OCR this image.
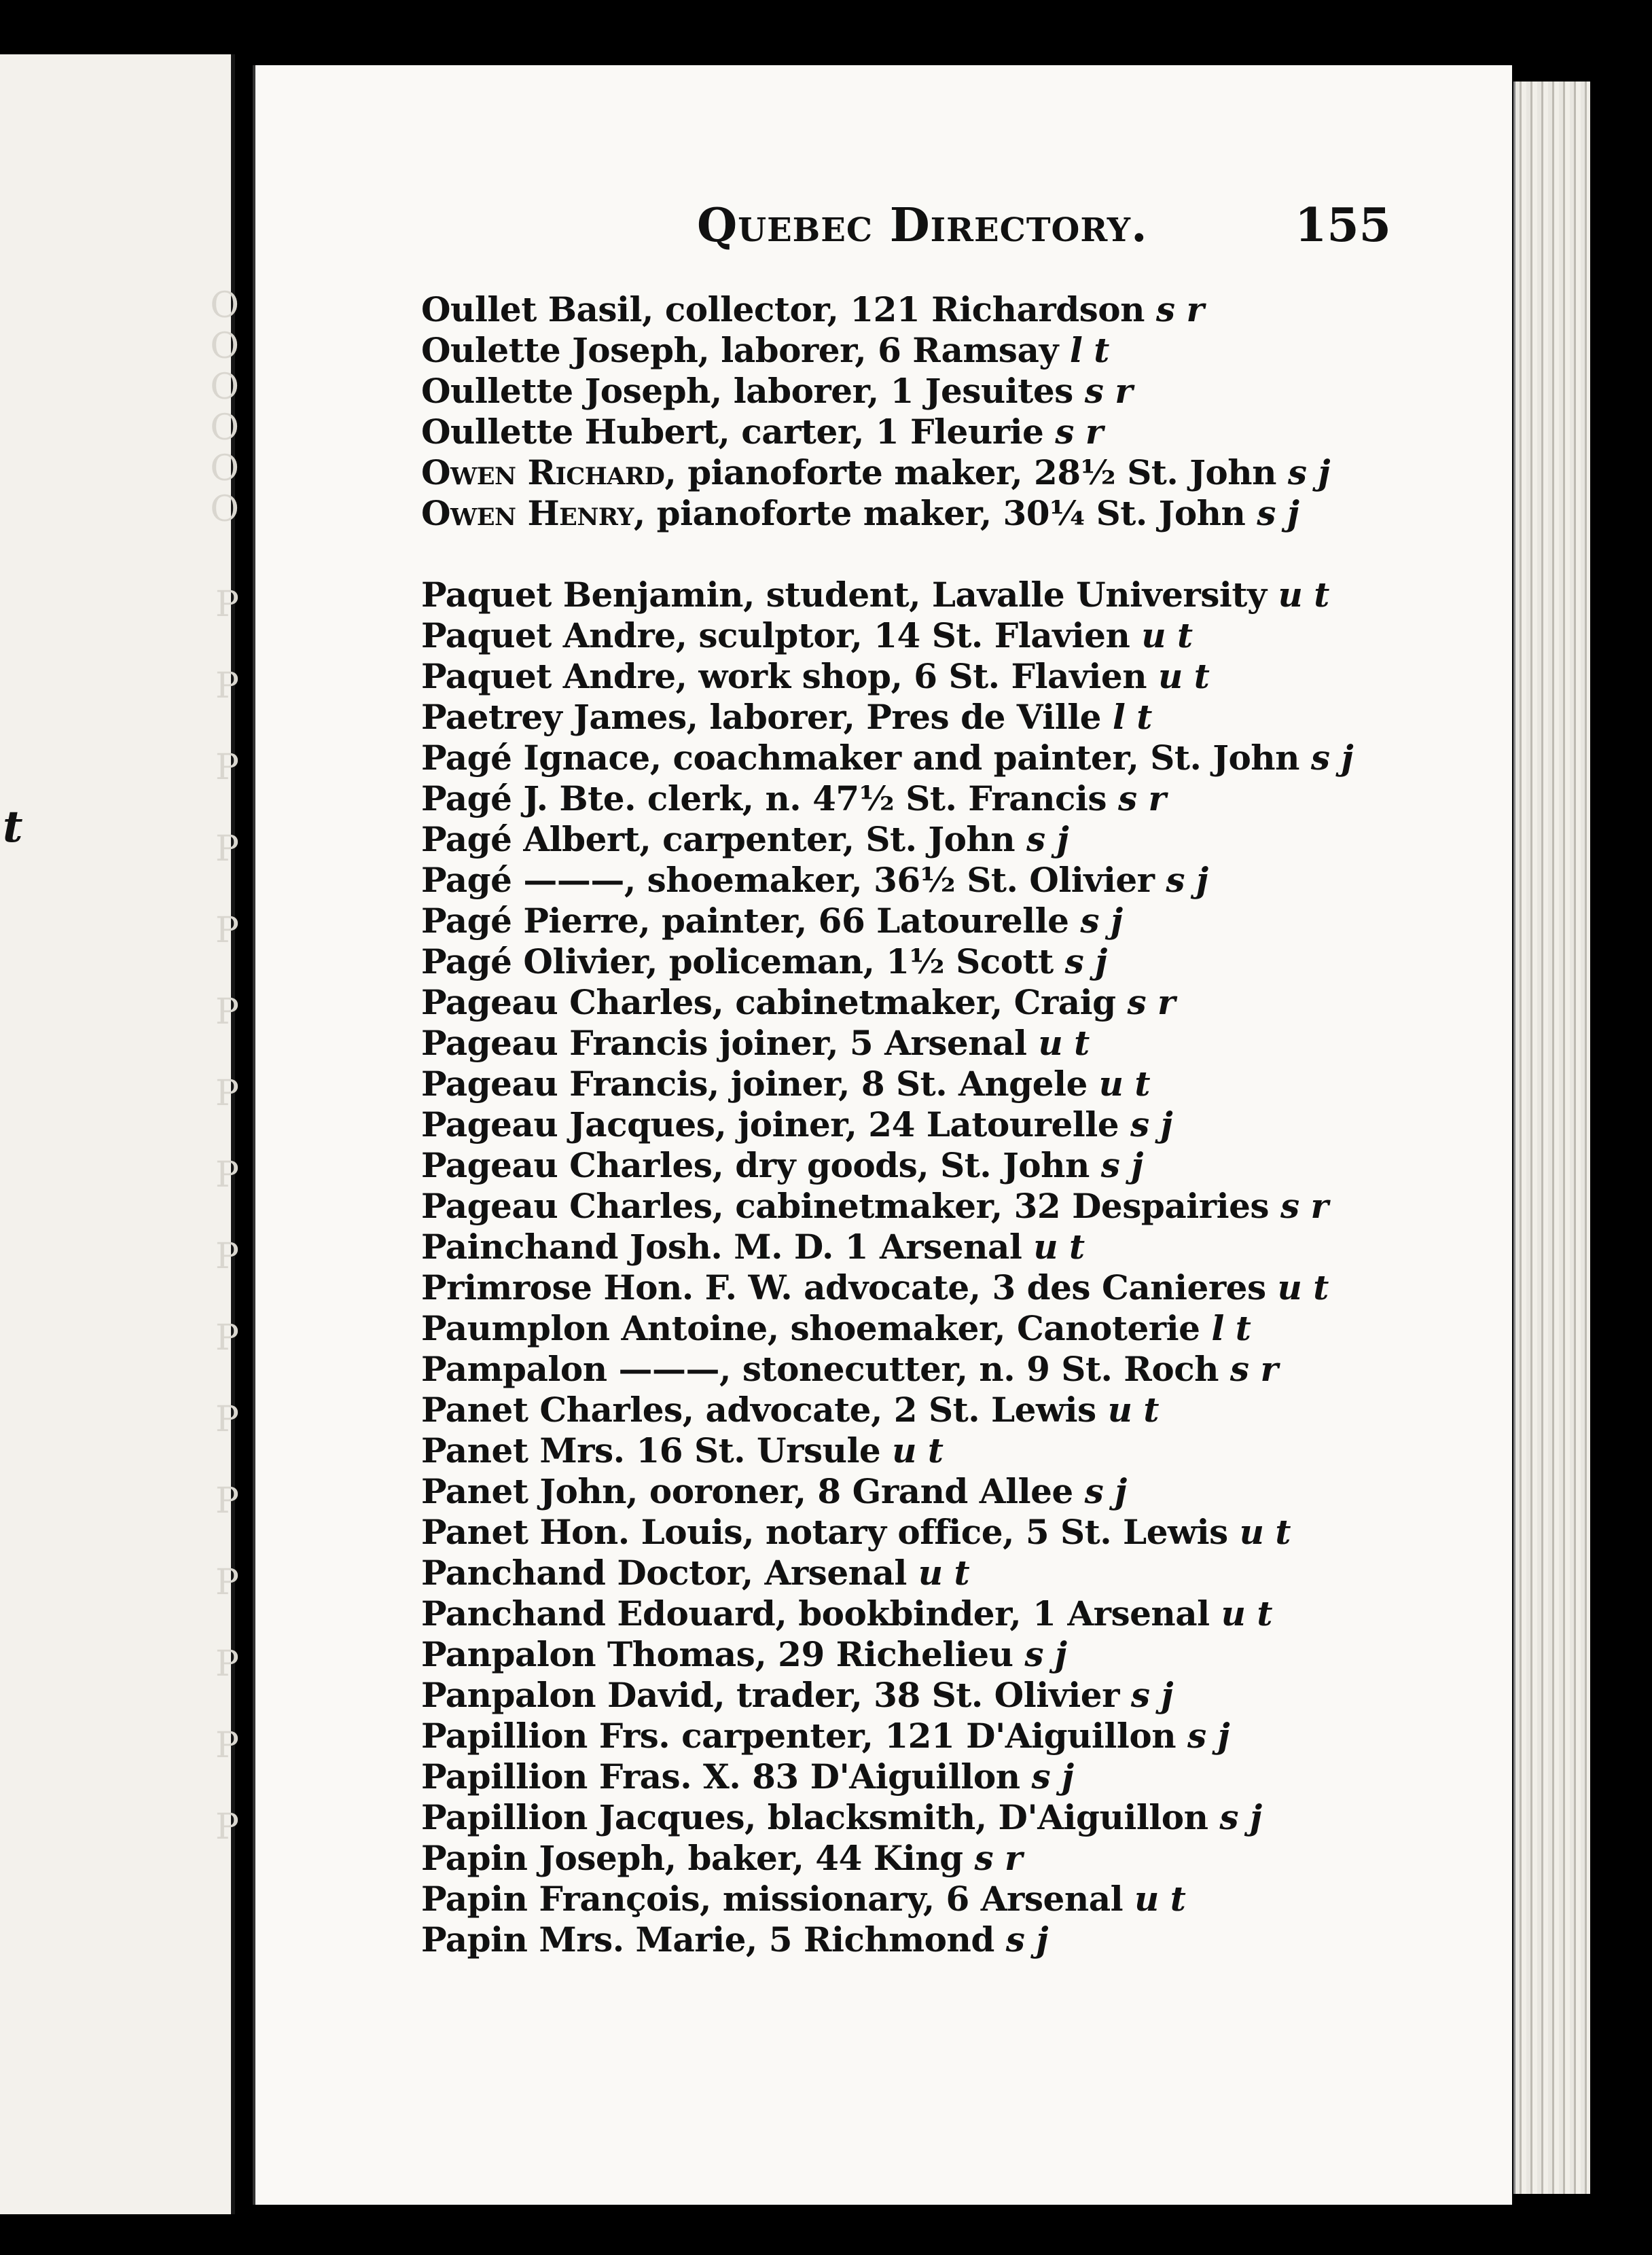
O
O
O
O
O
O
P
P
P
P
P
P
P
P
P
P
P
P
P
P
P
P
t
Quebec Directory.	155
Oullet Basil, collector, 121 Richardson s r
Oulette Joseph, laborer, 6 Ramsay l t
Oullette Joseph, laborer, 1 Jesuites s r
Oullette Hubert, carter, 1 Fleurie s r
Owen Richard, pianoforte maker, 28½ St. John s j
Owen Henry, pianoforte maker, 30¼ St. John s j
Paquet Benjamin, student, Lavalle University u t
Paquet Andre, sculptor, 14 St. Flavien u t
Paquet Andre, work shop, 6 St. Flavien u t
Paetrey James, laborer, Pres de Ville l t
Pagé Ignace, coachmaker and painter, St. John s j
Pagé J. Bte. clerk, n. 47½ St. Francis s r
Pagé Albert, carpenter, St. John s j
Pagé ———, shoemaker, 36½ St. Olivier s j
Pagé Pierre, painter, 66 Latourelle s j
Pagé Olivier, policeman, 1½ Scott s j
Pageau Charles, cabinetmaker, Craig s r
Pageau Francis joiner, 5 Arsenal u t
Pageau Francis, joiner, 8 St. Angele u t
Pageau Jacques, joiner, 24 Latourelle s j
Pageau Charles, dry goods, St. John s j
Pageau Charles, cabinetmaker, 32 Despairies s r
Painchand Josh. M. D. 1 Arsenal u t
Primrose Hon. F. W. advocate, 3 des Canieres u t
Paumplon Antoine, shoemaker, Canoterie l t
Pampalon ———, stonecutter, n. 9 St. Roch s r
Panet Charles, advocate, 2 St. Lewis u t
Panet Mrs. 16 St. Ursule u t
Panet John, ooroner, 8 Grand Allee s j
Panet Hon. Louis, notary office, 5 St. Lewis u t
Panchand Doctor, Arsenal u t
Panchand Edouard, bookbinder, 1 Arsenal u t
Panpalon Thomas, 29 Richelieu s j
Panpalon David, trader, 38 St. Olivier s j
Papillion Frs. carpenter, 121 D'Aiguillon s j
Papillion Fras. X. 83 D'Aiguillon s j
Papillion Jacques, blacksmith, D'Aiguillon s j
Papin Joseph, baker, 44 King s r
Papin François, missionary, 6 Arsenal u t
Papin Mrs. Marie, 5 Richmond s j
